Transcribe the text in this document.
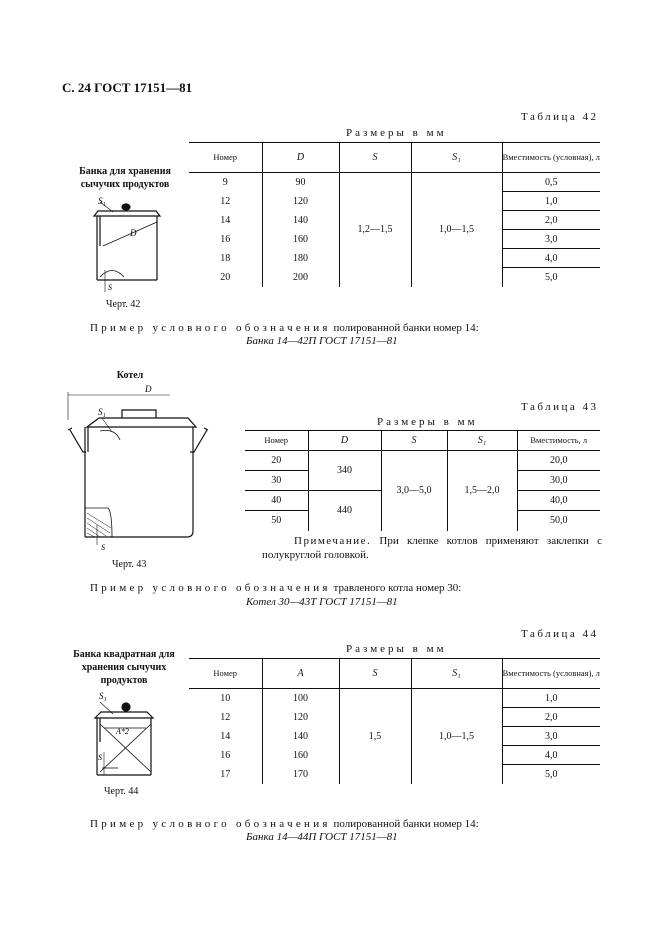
С. 24 ГОСТ 17151—81
Таблица 42
Размеры в мм
Банка для хранения сычучих продуктов
S₁
D
S
Черт. 42
Номер	D	S	S₁	Вместимость (условная), л
9	90	1,2—1,5	1,0—1,5	0,5
12	120			1,0
14	140			2,0
16	160			3,0
18	180			4,0
20	200			5,0
Пример условного обозначения полированной банки номер 14:
Банка 14—42П ГОСТ 17151—81
Котел
D
S₁
S
Черт. 43
Таблица 43
Размеры в мм
Номер	D	S	S₁	Вместимость, л
20	340	3,0—5,0	1,5—2,0	20,0
30				30,0
40	440			40,0
50				50,0
Примечание. При клепке котлов применяют заклепки с полукруглой головкой.
Пример условного обозначения травленого котла номер 30:
Котел 30—43Т ГОСТ 17151—81
Таблица 44
Размеры в мм
Банка квадратная для хранения сычучих продуктов
S₁
A*2
S
Черт. 44
Номер	A	S	S₁	Вместимость (условная), л
10	100	1,5	1,0—1,5	1,0
12	120			2,0
14	140			3,0
16	160			4,0
17	170			5,0
Пример условного обозначения полированной банки номер 14:
Банка 14—44П ГОСТ 17151—81
